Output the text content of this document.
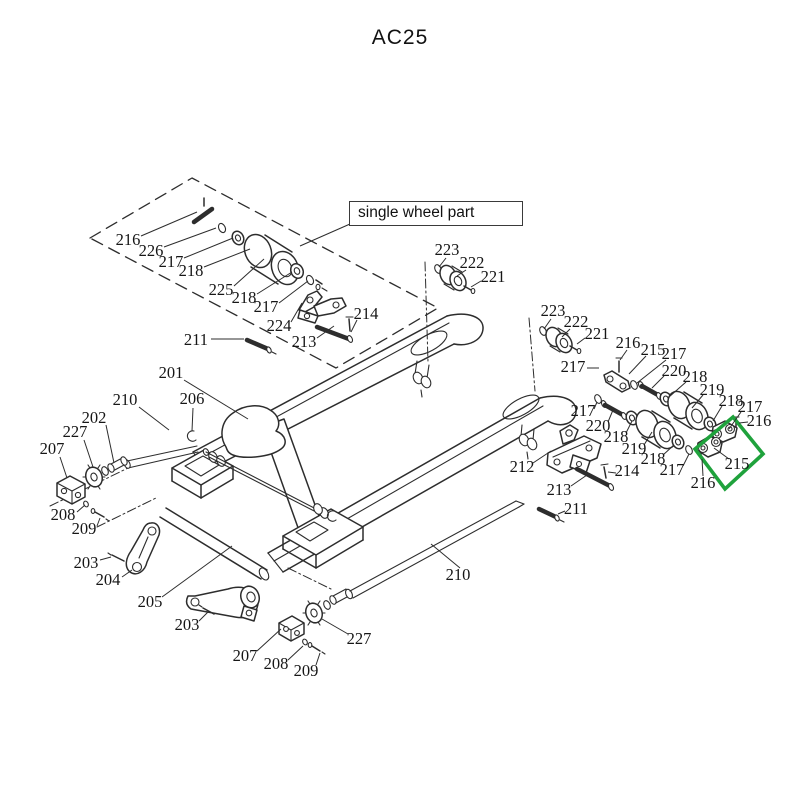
AC25
216
226
217
218
225
218
217
224
213
214
211
201
210	206
202
227
207
208
209
203
204
205
203
207 208 209
227
210
212
213
214
211
223
222
221
223
222
221
217
216 215
217
220
218
219
218
217
216
217
220
218
219
218
217
216
215
single wheel part
